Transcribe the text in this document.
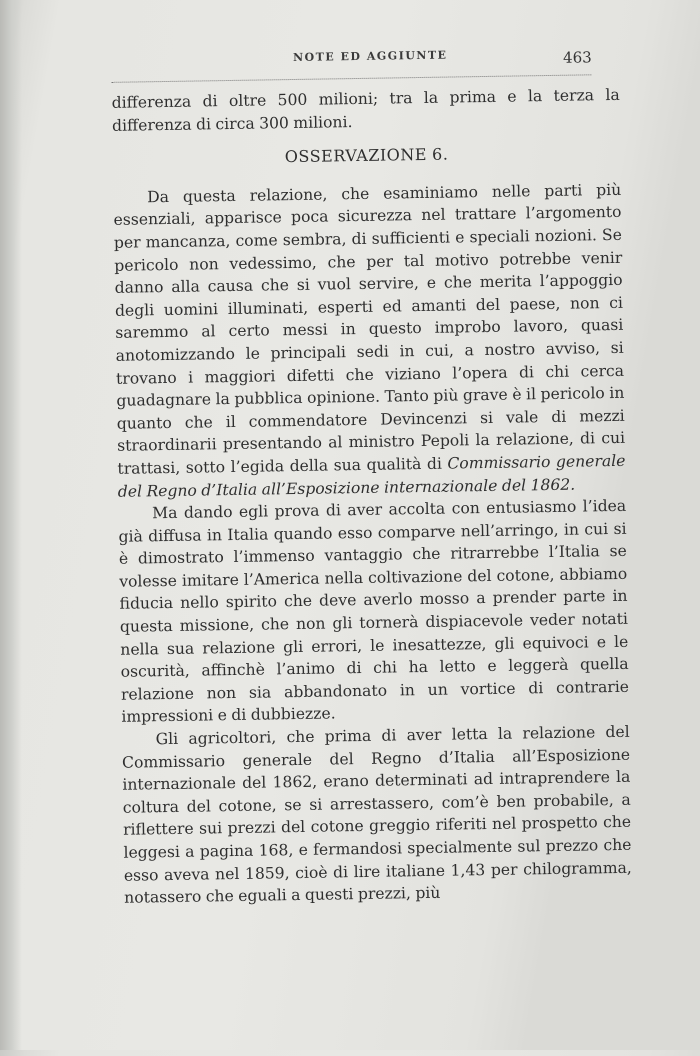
NOTE ED AGGIUNTE	463

differenza di oltre 500 milioni; tra la prima e la terza la differenza di circa 300 milioni.

OSSERVAZIONE 6.

Da questa relazione, che esaminiamo nelle parti più essenziali, apparisce poca sicurezza nel trattare l’argomento per mancanza, come sembra, di sufficienti e speciali nozioni. Se pericolo non vedessimo, che per tal motivo potrebbe venir danno alla causa che si vuol servire, e che merita l’appoggio degli uomini illuminati, esperti ed amanti del paese, non ci saremmo al certo messi in questo improbo lavoro, quasi anotomizzando le principali sedi in cui, a nostro avviso, si trovano i maggiori difetti che viziano l’opera di chi cerca guadagnare la pubblica opinione. Tanto più grave è il pericolo in quanto che il commendatore Devincenzi si vale di mezzi straordinarii presentando al ministro Pepoli la relazione, di cui trattasi, sotto l’egida della sua qualità di Commissario generale del Regno d’Italia all’Esposizione internazionale del 1862.

Ma dando egli prova di aver accolta con entusiasmo l’idea già diffusa in Italia quando esso comparve nell’arringo, in cui si è dimostrato l’immenso vantaggio che ritrarrebbe l’Italia se volesse imitare l’America nella coltivazione del cotone, abbiamo fiducia nello spirito che deve averlo mosso a prender parte in questa missione, che non gli tornerà dispiacevole veder notati nella sua relazione gli errori, le inesattezze, gli equivoci e le oscurità, affinchè l’animo di chi ha letto e leggerà quella relazione non sia abbandonato in un vortice di contrarie impressioni e di dubbiezze.

Gli agricoltori, che prima di aver letta la relazione del Commissario generale del Regno d’Italia all’Esposizione internazionale del 1862, erano determinati ad intraprendere la coltura del cotone, se si arrestassero, com’è ben probabile, a riflettere sui prezzi del cotone greggio riferiti nel prospetto che leggesi a pagina 168, e fermandosi specialmente sul prezzo che esso aveva nel 1859, cioè di lire italiane 1,43 per chilogramma, notassero che eguali a questi prezzi, più
